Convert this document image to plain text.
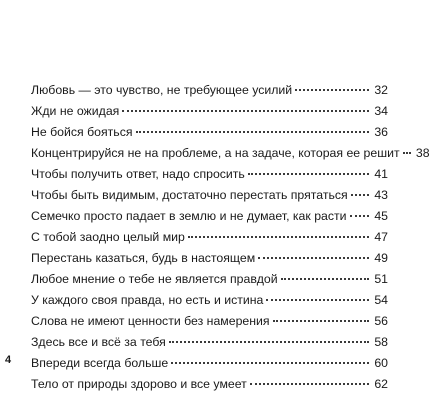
Любовь — это чувство, не требующее усилий	32
Жди не ожидая	34
Не бойся бояться	36
Концентрируйся не на проблеме, а на задаче, которая ее решит	38
Чтобы получить ответ, надо спросить	41
Чтобы быть видимым, достаточно перестать прятаться	43
Семечко просто падает в землю и не думает, как расти	45
С тобой заодно целый мир	47
Перестань казаться, будь в настоящем	49
Любое мнение о тебе не является правдой	51
У каждого своя правда, но есть и истина	54
Слова не имеют ценности без намерения	56
Здесь все и всё за тебя	58
Впереди всегда больше	60
Тело от природы здорово и все умеет	62
4
